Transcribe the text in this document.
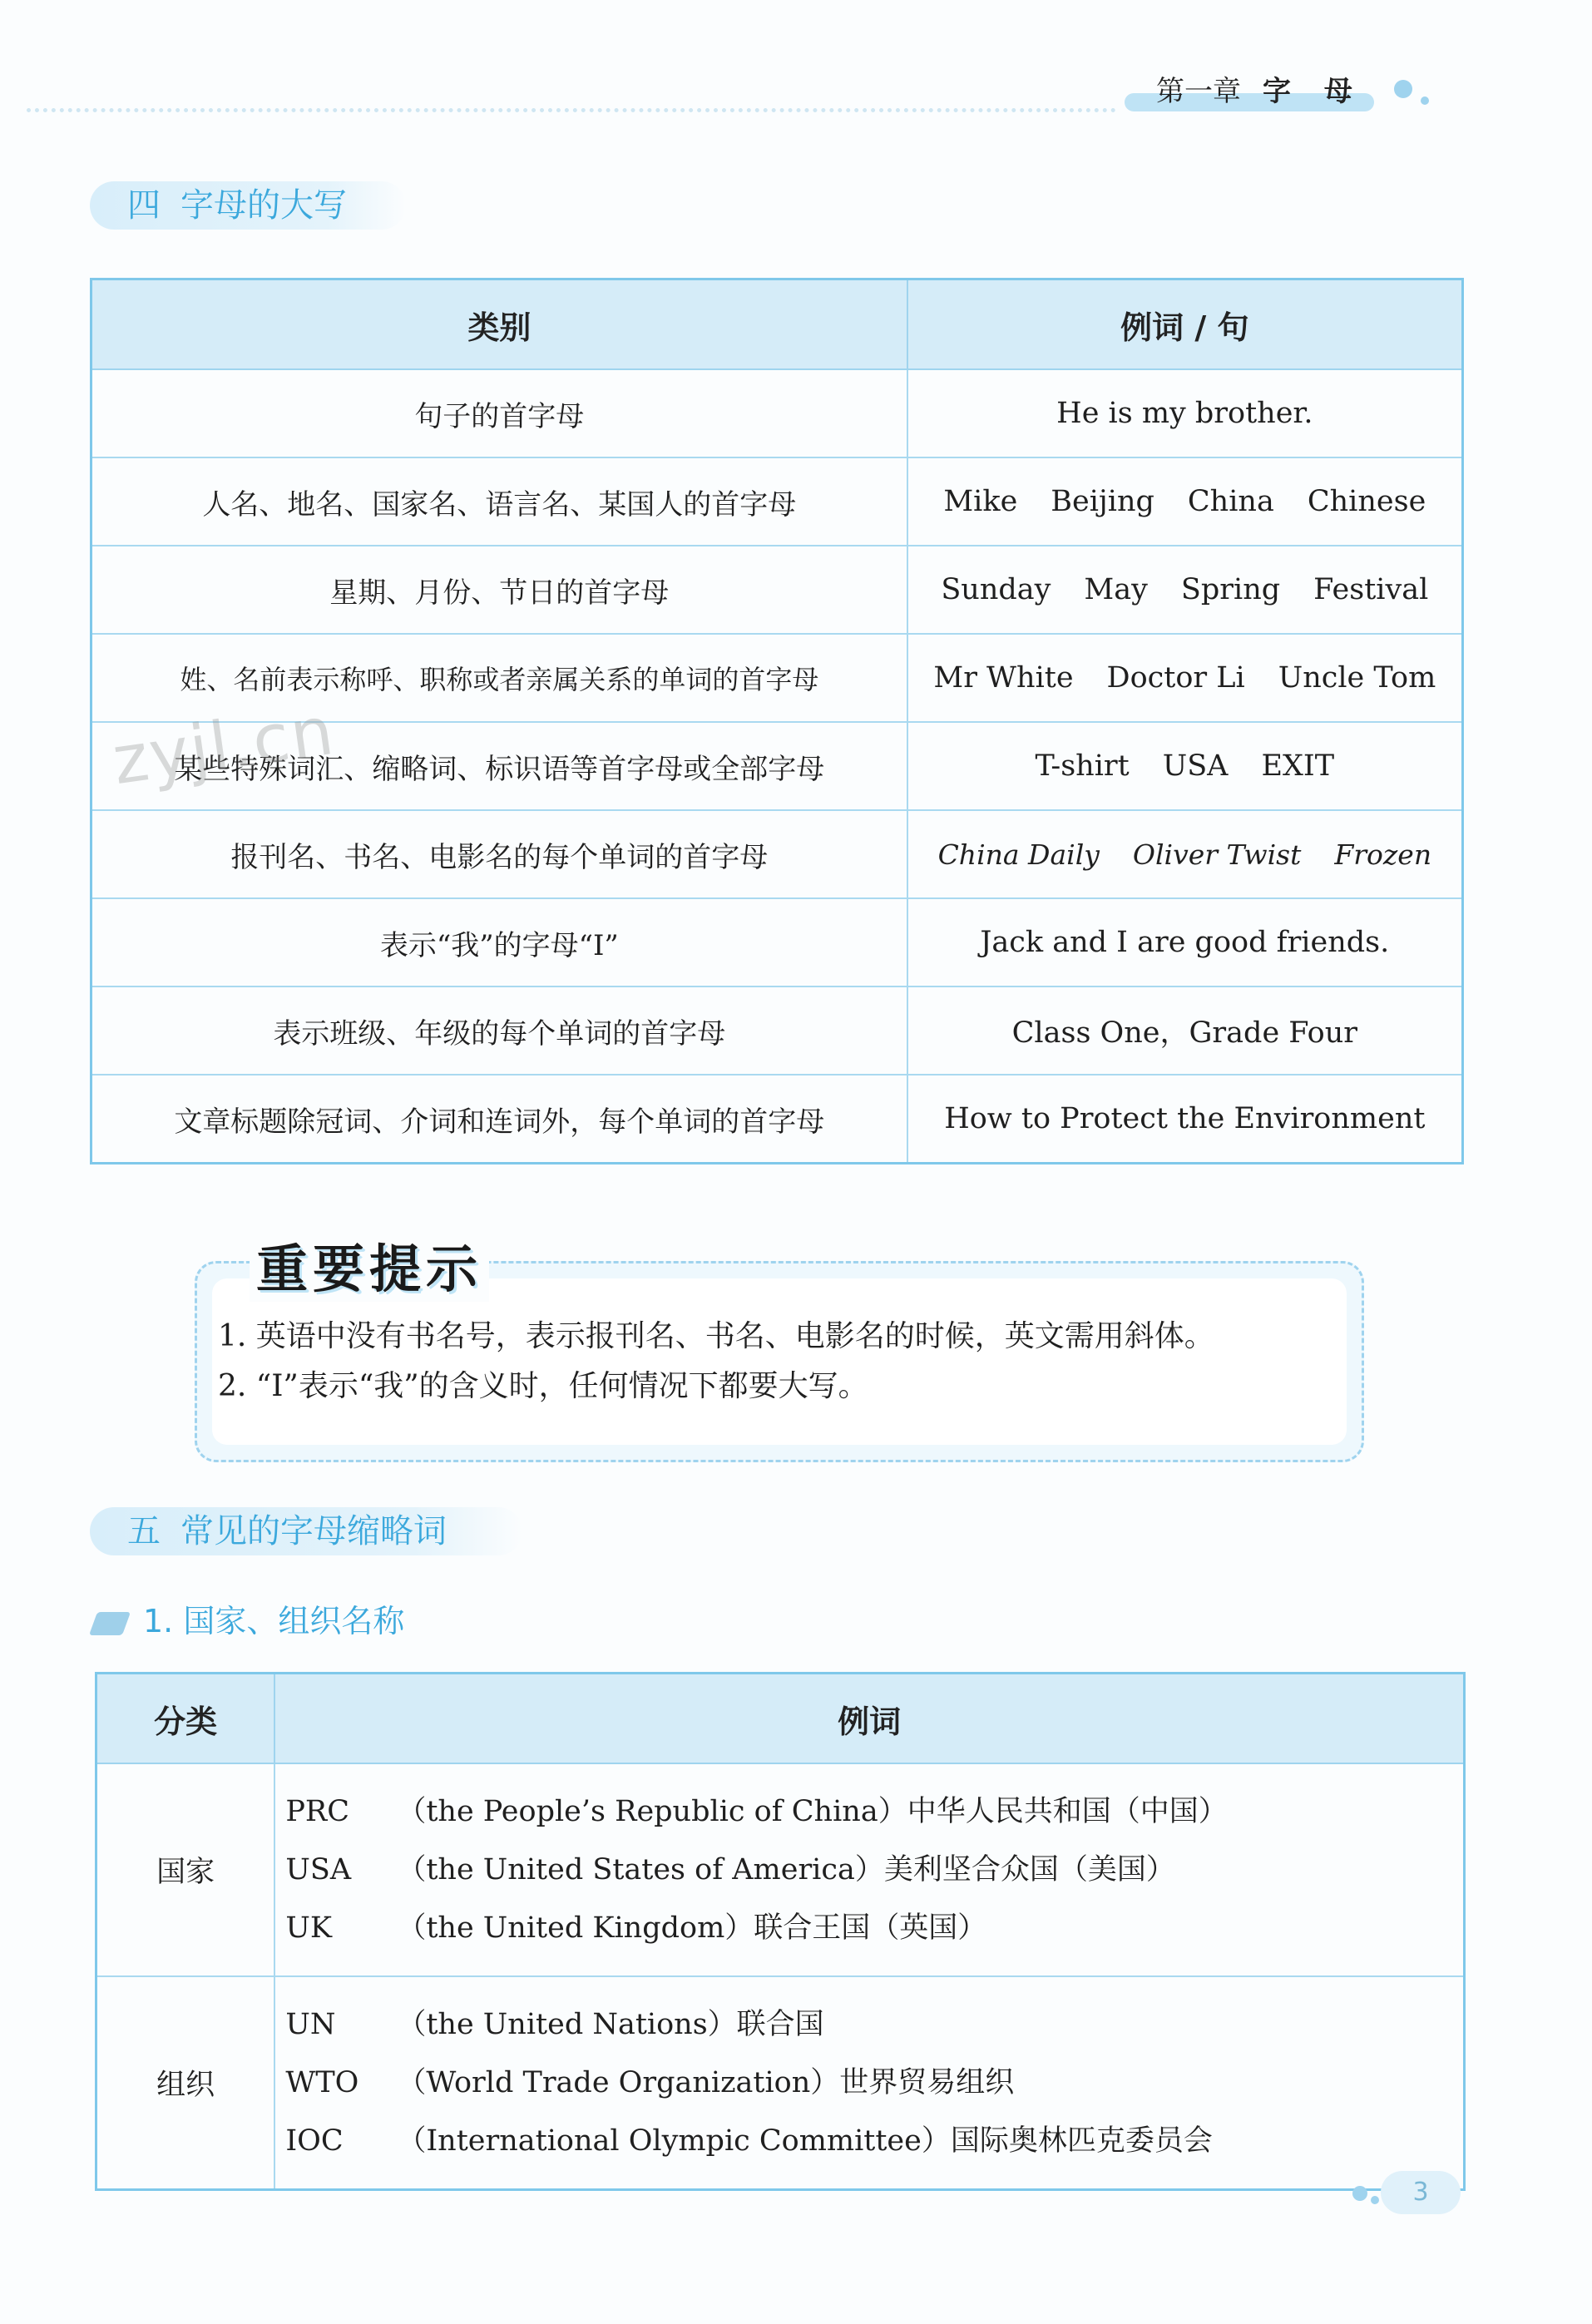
第一章 字 母
四 字母的大写
类别	例词 / 句
句子的首字母	He is my brother.
人名、地名、国家名、语言名、某国人的首字母	Mike Beijing China Chinese
星期、月份、节日的首字母	Sunday May Spring Festival
姓、名前表示称呼、职称或者亲属关系的单词的首字母	Mr White Doctor Li Uncle Tom
某些特殊词汇、缩略词、标识语等首字母或全部字母	T-shirt USA EXIT
报刊名、书名、电影名的每个单词的首字母	China Daily Oliver Twist Frozen
表示“我”的字母“I”	Jack and I are good friends.
表示班级、年级的每个单词的首字母	Class One，Grade Four
文章标题除冠词、介词和连词外，每个单词的首字母	How to Protect the Environment
zyjl.cn
重要提示
1. 英语中没有书名号，表示报刊名、书名、电影名的时候，英文需用斜体。
2. “I”表示“我”的含义时，任何情况下都要大写。
五 常见的字母缩略词
1. 国家、组织名称
分类	例词
国家	PRC （the People’s Republic of China）中华人民共和国（中国）
USA （the United States of America）美利坚合众国（美国）
UK （the United Kingdom）联合王国（英国）

组织	UN （the United Nations）联合国
WTO （World Trade Organization）世界贸易组织
IOC （International Olympic Committee）国际奥林匹克委员会
3
